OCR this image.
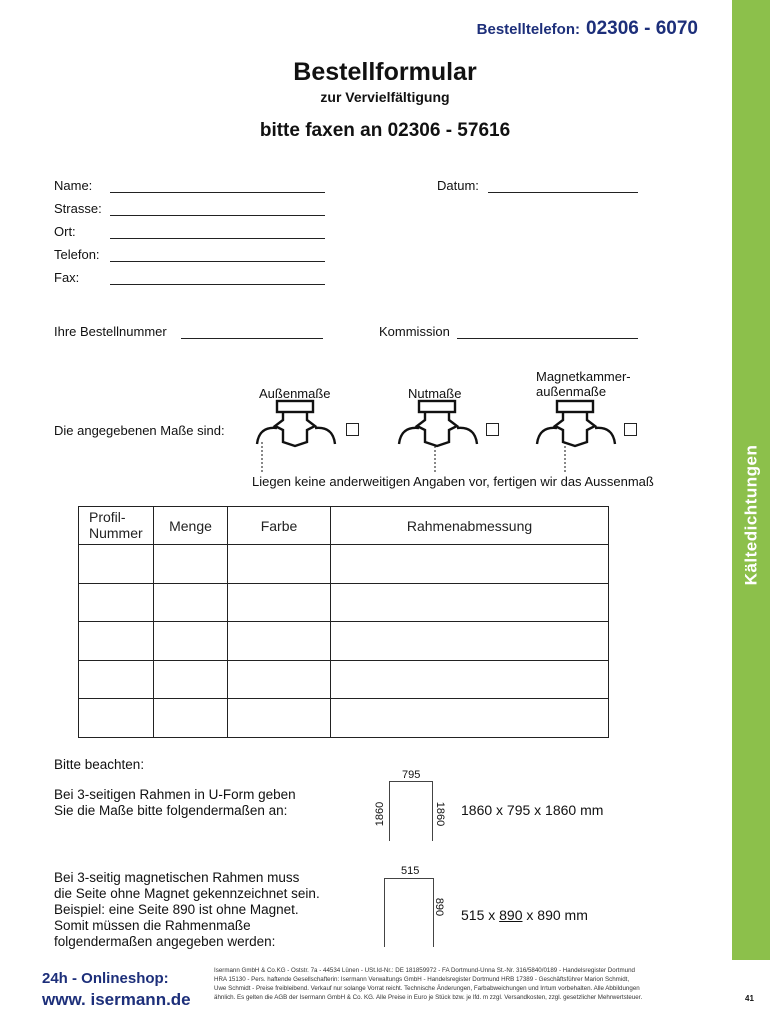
Kältedichtungen
Bestelltelefon: 02306 - 6070
Bestellformular
zur Vervielfältigung
bitte faxen an 02306 - 57616
Name:
Strasse:
Ort:
Telefon:
Fax:
Datum:
Ihre Bestellnummer	Kommission
Die angegebenen Maße sind:
Außenmaße	Nutmaße
Magnetkammer-
außenmaße
Liegen keine anderweitigen Angaben vor, fertigen wir das Aussenmaß
Profil-
Nummer	Menge	Farbe	Rahmenabmessung

Bitte beachten:
Bei 3-seitigen Rahmen in U-Form geben
Sie die Maße bitte folgendermaßen an:
795
1860	1860 1860 x 795 x 1860 mm
Bei 3-seitig magnetischen Rahmen muss
die Seite ohne Magnet gekennzeichnet sein.
Beispiel: eine Seite 890 ist ohne Magnet.
Somit müssen die Rahmenmaße
folgendermaßen angegeben werden:
515
890 515 x 890 x 890 mm
24h - Onlineshop:
www. isermann.de
Isermann GmbH & Co.KG - Oststr. 7a - 44534 Lünen - USt.Id-Nr.: DE 181859972 - FA Dortmund-Unna St.-Nr. 316/5840/0189 - Handelsregister Dortmund
HRA 15130 - Pers. haftende Gesellschafterin: Isermann Verwaltungs GmbH - Handelsregister Dortmund HRB 17389 - Geschäftsführer Marion Schmidt,
Uwe Schmidt - Preise freibleibend. Verkauf nur solange Vorrat reicht. Technische Änderungen, Farbabweichungen und Irrtum vorbehalten. Alle Abbildungen
ähnlich. Es gelten die AGB der Isermann GmbH & Co. KG. Alle Preise in Euro je Stück bzw. je lfd. m zzgl. Versandkosten, zzgl. gesetzlicher Mehrwertsteuer.	41
